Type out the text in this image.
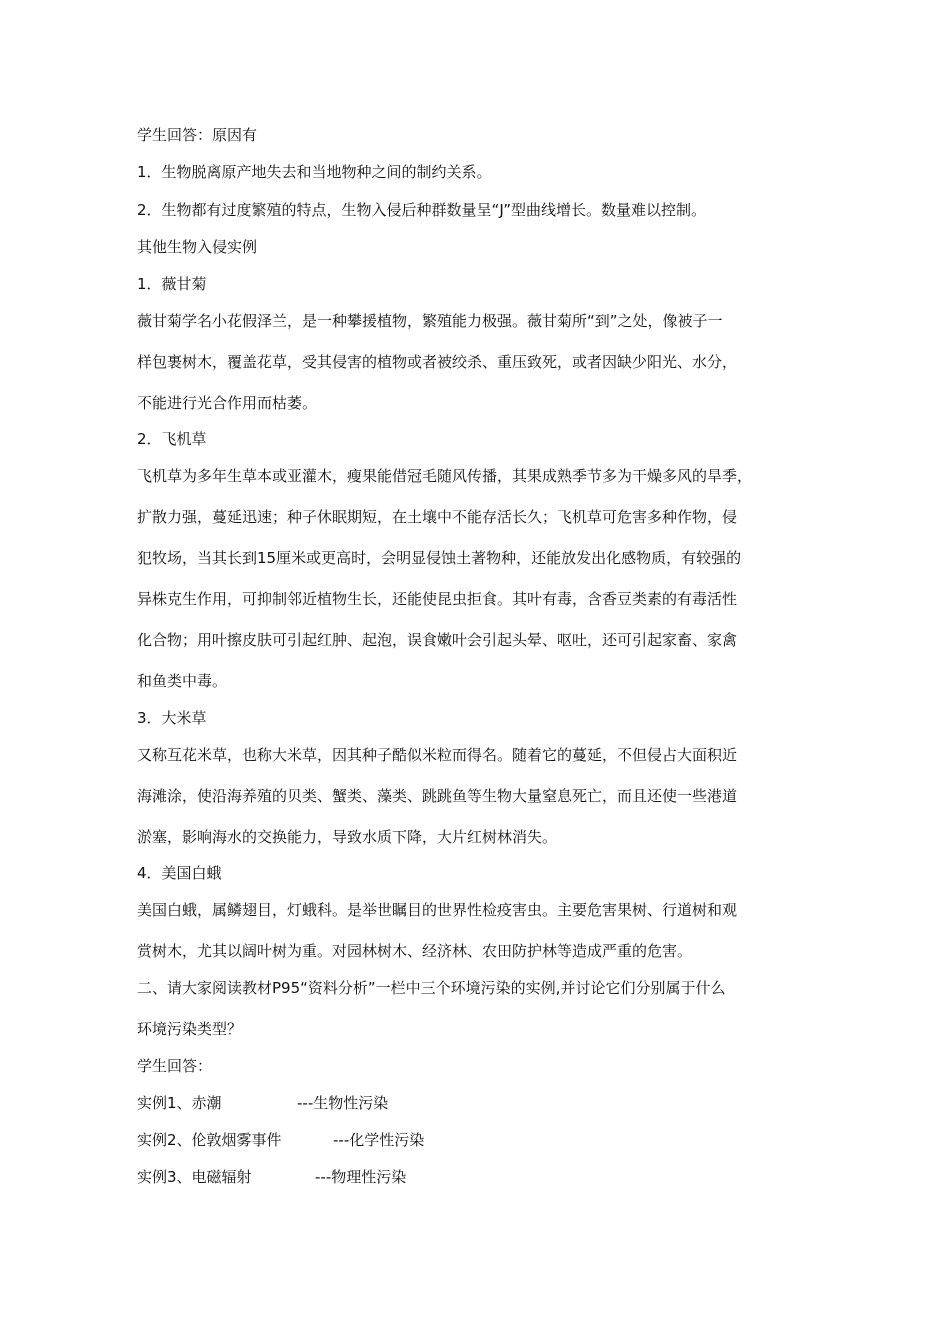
学生回答：原因有
1．生物脱离原产地失去和当地物种之间的制约关系。
2．生物都有过度繁殖的特点，生物入侵后种群数量呈“J”型曲线增长。数量难以控制。
其他生物入侵实例
1．薇甘菊
薇甘菊学名小花假泽兰，是一种攀援植物，繁殖能力极强。薇甘菊所“到”之处，像被子一
样包裹树木，覆盖花草，受其侵害的植物或者被绞杀、重压致死，或者因缺少阳光、水分，
不能进行光合作用而枯萎。
2．飞机草
飞机草为多年生草本或亚灌木，瘦果能借冠毛随风传播，其果成熟季节多为干燥多风的旱季，
扩散力强，蔓延迅速；种子休眠期短，在土壤中不能存活长久；飞机草可危害多种作物，侵
犯牧场，当其长到15厘米或更高时，会明显侵蚀土著物种，还能放发出化感物质，有较强的
异株克生作用，可抑制邻近植物生长，还能使昆虫拒食。其叶有毒，含香豆类素的有毒活性
化合物；用叶擦皮肤可引起红肿、起泡，误食嫩叶会引起头晕、呕吐，还可引起家畜、家禽
和鱼类中毒。
3．大米草
又称互花米草，也称大米草，因其种子酷似米粒而得名。随着它的蔓延，不但侵占大面积近
海滩涂，使沿海养殖的贝类、蟹类、藻类、跳跳鱼等生物大量窒息死亡，而且还使一些港道
淤塞，影响海水的交换能力，导致水质下降，大片红树林消失。
4．美国白蛾
美国白蛾，属鳞翅目，灯蛾科。是举世瞩目的世界性检疫害虫。主要危害果树、行道树和观
赏树木，尤其以阔叶树为重。对园林树木、经济林、农田防护林等造成严重的危害。
二、请大家阅读教材P95“资料分析”一栏中三个环境污染的实例,并讨论它们分别属于什么
环境污染类型？
学生回答：
实例1、赤潮	---生物性污染
实例2、伦敦烟雾事件	---化学性污染
实例3、电磁辐射	---物理性污染
